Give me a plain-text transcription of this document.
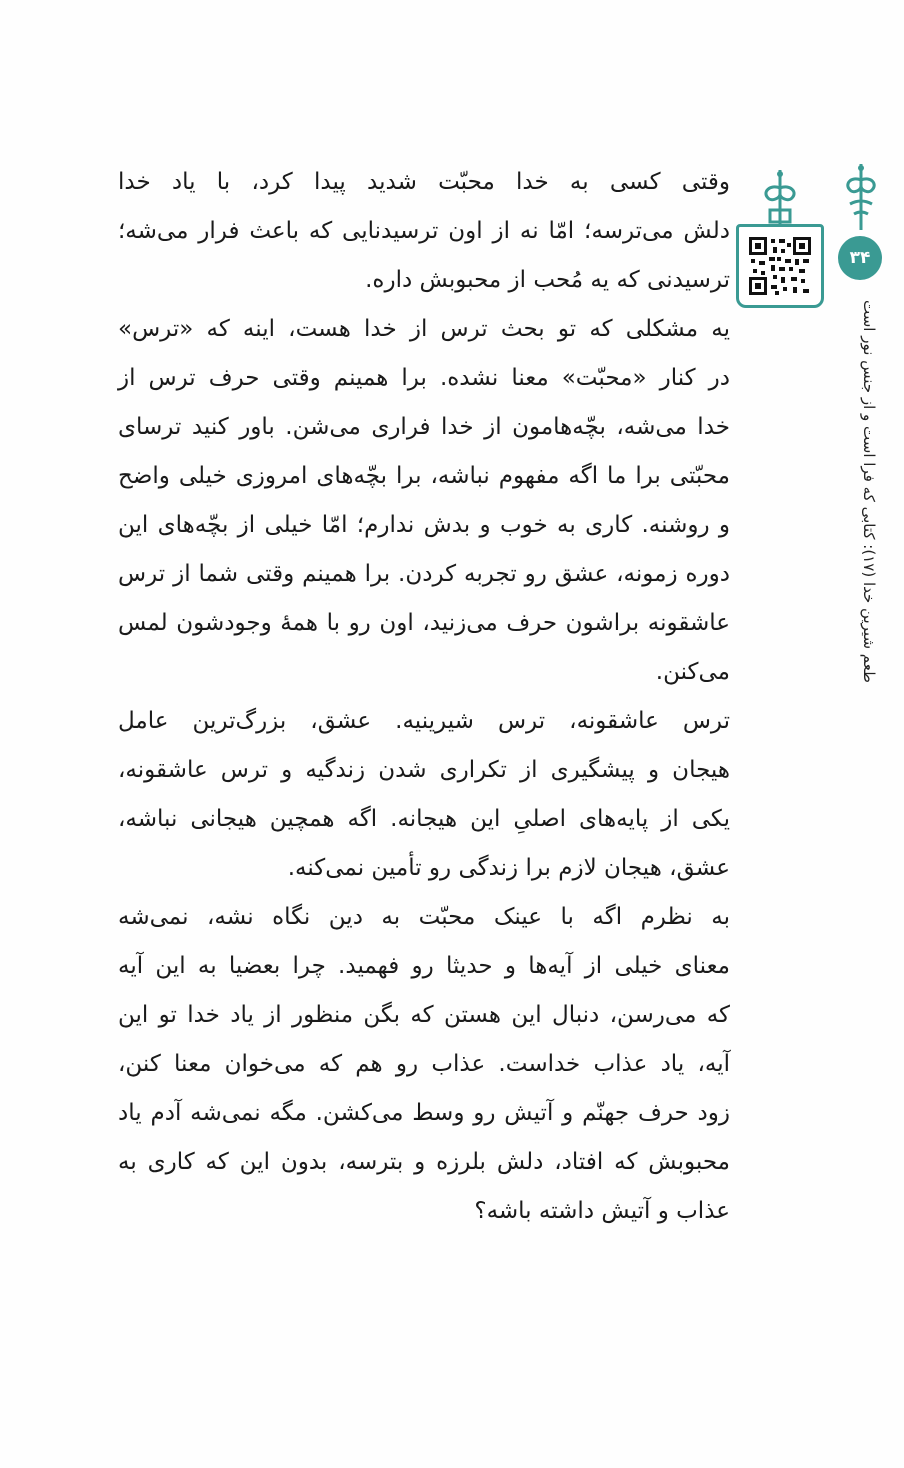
۳۴
طعم شیرین خدا (۱۷): کتابی که فرا است و از جنس نور است
وقتی کسی به خدا محبّت شدید پیدا کرد، با یاد خدا
دلش می‌ترسه؛ امّا نه از اون ترسیدنایی که باعث فرار می‌شه؛
ترسیدنی که یه مُحب از محبوبش داره.
یه مشکلی که تو بحث ترس از خدا هست، اینه که «ترس»
در کنار «محبّت» معنا نشده. برا همینم وقتی حرف ترس از
خدا می‌شه، بچّه‌هامون از خدا فراری می‌شن. باور کنید ترسای
محبّتی برا ما اگه مفهوم نباشه، برا بچّه‌های امروزی خیلی واضح
و روشنه. کاری به خوب و بدش ندارم؛ امّا خیلی از بچّه‌های این
دوره زمونه، عشق رو تجربه کردن. برا همینم وقتی شما از ترس
عاشقونه براشون حرف می‌زنید، اون رو با همهٔ وجودشون لمس
می‌کنن.
ترس عاشقونه، ترس شیرینیه. عشق، بزرگ‌ترین عامل
هیجان و پیشگیری از تکراری شدن زندگیه و ترس عاشقونه،
یکی از پایه‌های اصلیِ این هیجانه. اگه همچین هیجانی نباشه،
عشق، هیجان لازم برا زندگی رو تأمین نمی‌کنه.
به نظرم اگه با عینک محبّت به دین نگاه نشه، نمی‌شه
معنای خیلی از آیه‌ها و حدیثا رو فهمید. چرا بعضیا به این آیه
که می‌رسن، دنبال این هستن که بگن منظور از یاد خدا تو این
آیه، یاد عذاب خداست. عذاب رو هم که می‌خوان معنا کنن،
زود حرف جهنّم و آتیش رو وسط می‌کشن. مگه نمی‌شه آدم یاد
محبوبش که افتاد، دلش بلرزه و بترسه، بدون این که کاری به
عذاب و آتیش داشته باشه؟
